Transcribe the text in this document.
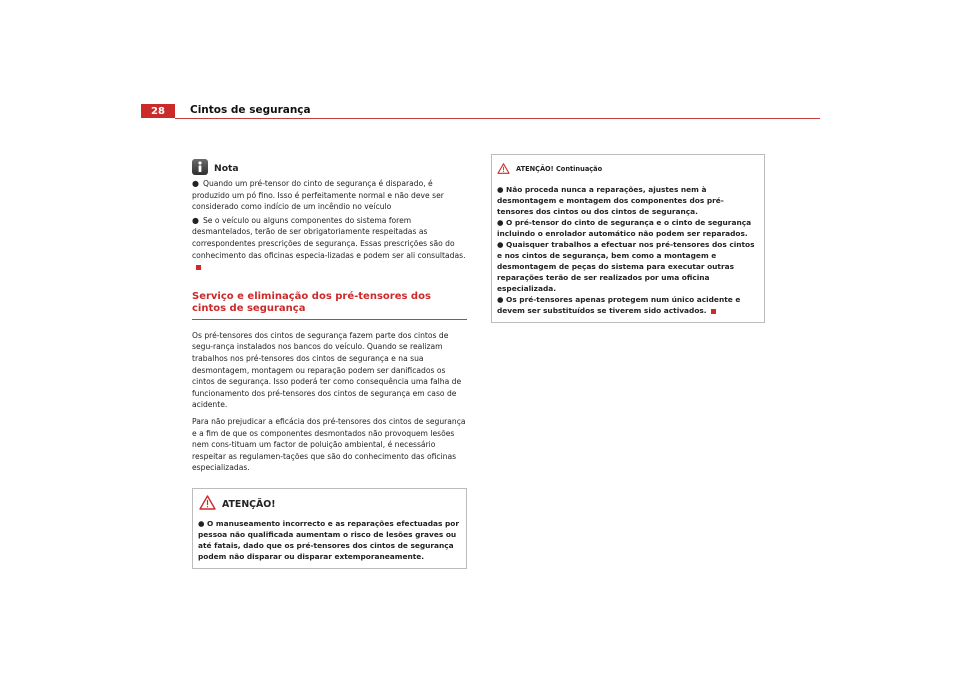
28	Cintos de segurança
Nota

● Quando um pré-tensor do cinto de segurança é disparado, é produzido um pó fino. Isso é perfeitamente normal e não deve ser considerado como indício de um incêndio no veículo
● Se o veículo ou alguns componentes do sistema forem desmantelados, terão de ser obrigatoriamente respeitadas as correspondentes prescrições de segurança. Essas prescrições são do conhecimento das oficinas especia-lizadas e podem ser ali consultadas.

Serviço e eliminação dos pré-tensores dos cintos de segurança

Os pré-tensores dos cintos de segurança fazem parte dos cintos de segu-rança instalados nos bancos do veículo. Quando se realizam trabalhos nos pré-tensores dos cintos de segurança e na sua desmontagem, montagem ou reparação podem ser danificados os cintos de segurança. Isso poderá ter como consequência uma falha de funcionamento dos pré-tensores dos cintos de segurança em caso de acidente.

Para não prejudicar a eficácia dos pré-tensores dos cintos de segurança e a fim de que os componentes desmontados não provoquem lesões nem cons-tituam um factor de poluição ambiental, é necessário respeitar as regulamen-tações que são do conhecimento das oficinas especializadas.

ATENÇÃO!
● O manuseamento incorrecto e as reparações efectuadas por pessoa não qualificada aumentam o risco de lesões graves ou até fatais, dado que os pré-tensores dos cintos de segurança podem não disparar ou disparar extemporaneamente.
ATENÇÃO! Continuação
● Não proceda nunca a reparações, ajustes nem à desmontagem e montagem dos componentes dos pré-tensores dos cintos ou dos cintos de segurança.
● O pré-tensor do cinto de segurança e o cinto de segurança incluindo o enrolador automático não podem ser reparados.
● Quaisquer trabalhos a efectuar nos pré-tensores dos cintos e nos cintos de segurança, bem como a montagem e desmontagem de peças do sistema para executar outras reparações terão de ser realizados por uma oficina especializada.
● Os pré-tensores apenas protegem num único acidente e devem ser substituídos se tiverem sido activados.
